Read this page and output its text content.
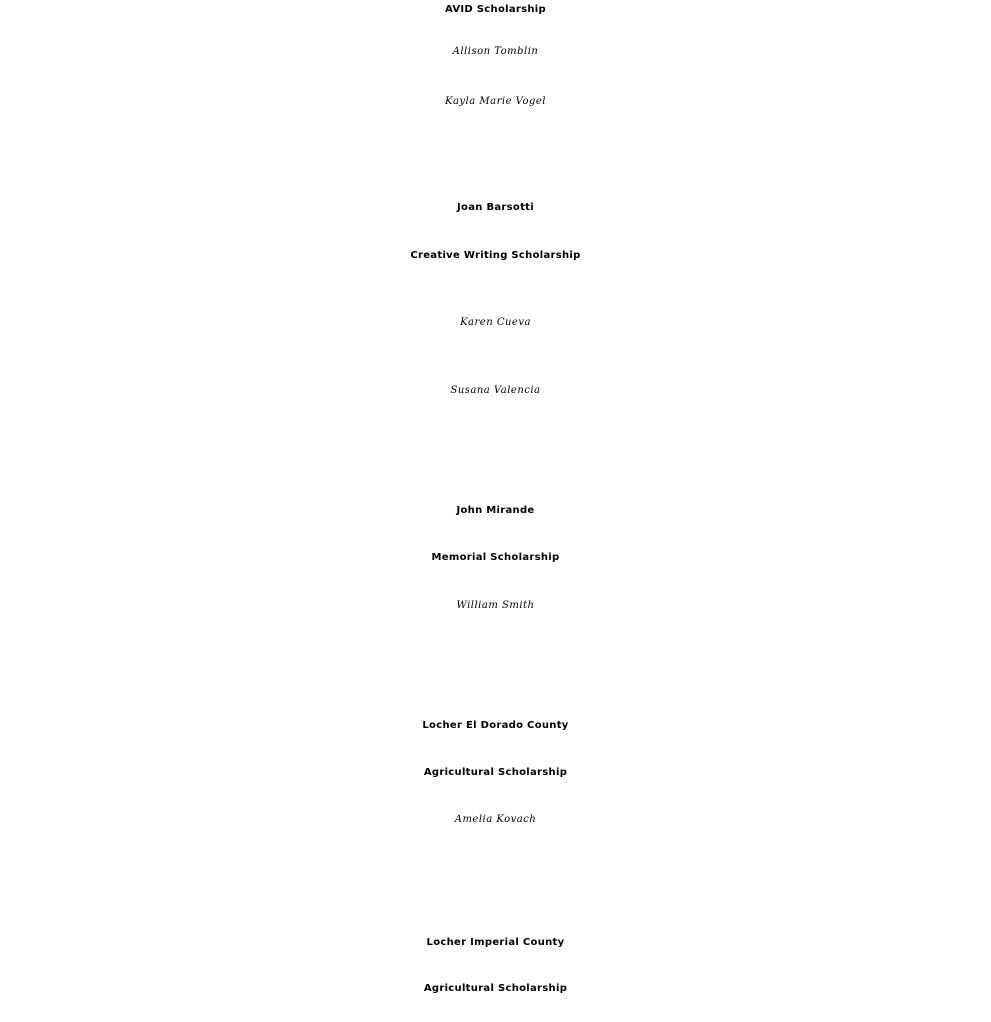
AVID Scholarship
Allison Tomblin
Kayla Marie Vogel
Joan Barsotti
Creative Writing Scholarship
Karen Cueva
Susana Valencia
John Mirande
Memorial Scholarship
William Smith
Locher El Dorado County
Agricultural Scholarship
Amelia Kovach
Locher Imperial County
Agricultural Scholarship
